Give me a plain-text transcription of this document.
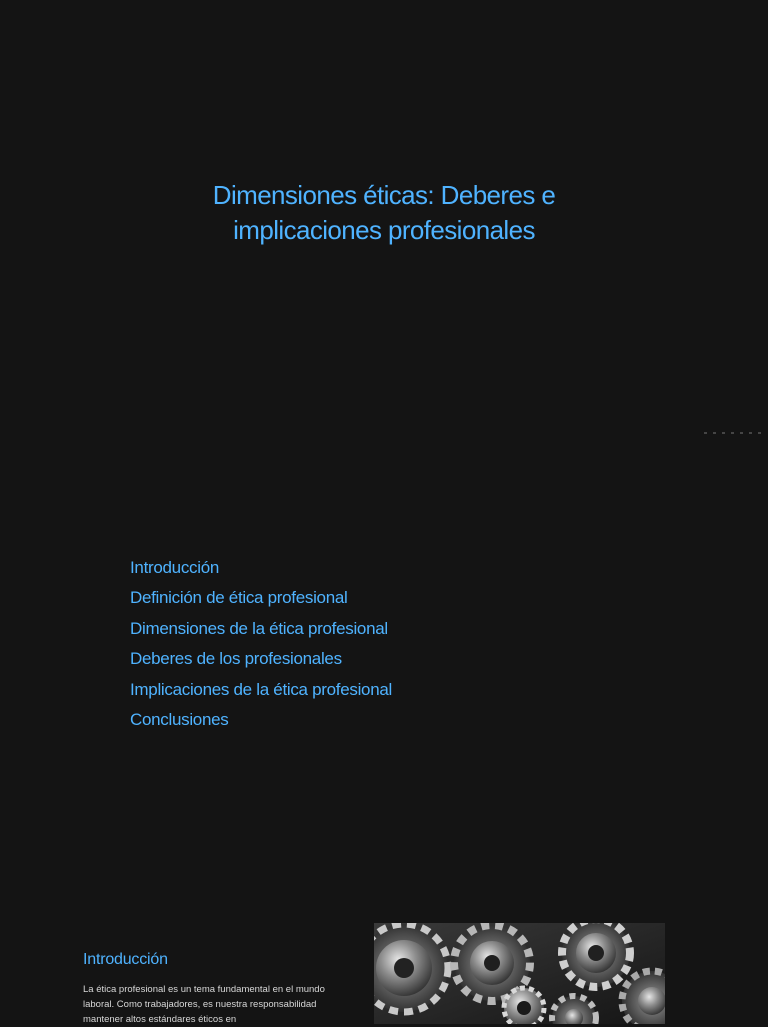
Dimensiones éticas: Deberes e
implicaciones profesionales
Introducción
Definición de ética profesional
Dimensiones de la ética profesional
Deberes de los profesionales
Implicaciones de la ética profesional
Conclusiones
Introducción

La ética profesional es un tema fundamental en el mundo laboral. Como trabajadores, es nuestra responsabilidad mantener altos estándares éticos en
